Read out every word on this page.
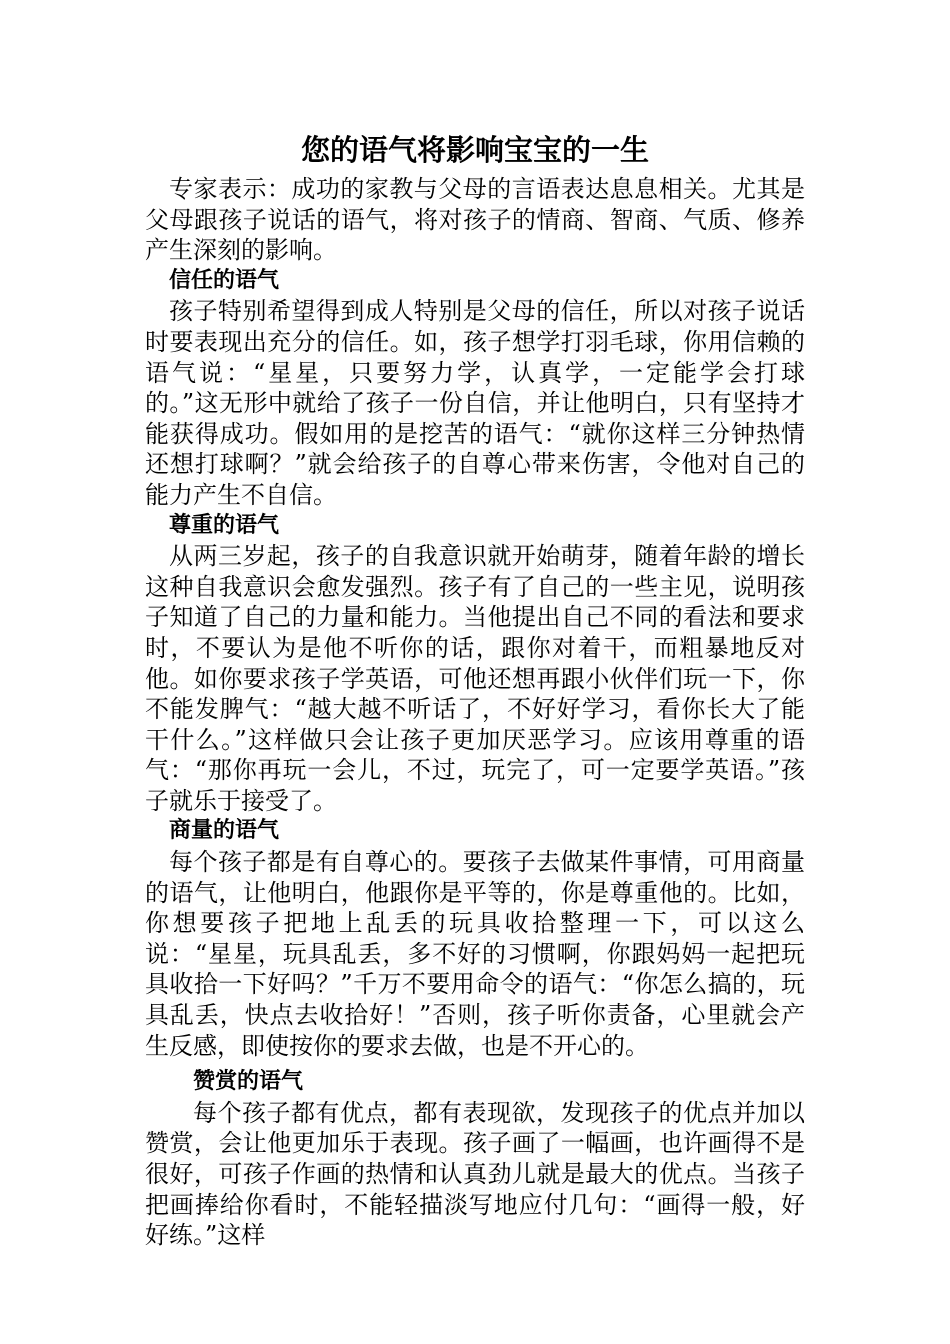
您的语气将影响宝宝的一生

专家表示：成功的家教与父母的言语表达息息相关。尤其是父母跟孩子说话的语气，将对孩子的情商、智商、气质、修养产生深刻的影响。

信任的语气

孩子特别希望得到成人特别是父母的信任，所以对孩子说话时要表现出充分的信任。如，孩子想学打羽毛球，你用信赖的语气说：“星星，只要努力学，认真学，一定能学会打球的。”这无形中就给了孩子一份自信，并让他明白，只有坚持才能获得成功。假如用的是挖苦的语气：“就你这样三分钟热情还想打球啊？”就会给孩子的自尊心带来伤害，令他对自己的能力产生不自信。

尊重的语气

从两三岁起，孩子的自我意识就开始萌芽，随着年龄的增长这种自我意识会愈发强烈。孩子有了自己的一些主见，说明孩子知道了自己的力量和能力。当他提出自己不同的看法和要求时，不要认为是他不听你的话，跟你对着干，而粗暴地反对他。如你要求孩子学英语，可他还想再跟小伙伴们玩一下，你不能发脾气：“越大越不听话了，不好好学习，看你长大了能干什么。”这样做只会让孩子更加厌恶学习。应该用尊重的语气：“那你再玩一会儿，不过，玩完了，可一定要学英语。”孩子就乐于接受了。

商量的语气

每个孩子都是有自尊心的。要孩子去做某件事情，可用商量的语气，让他明白，他跟你是平等的，你是尊重他的。比如，你想要孩子把地上乱丢的玩具收拾整理一下，可以这么说：“星星，玩具乱丢，多不好的习惯啊，你跟妈妈一起把玩具收拾一下好吗？”千万不要用命令的语气：“你怎么搞的，玩具乱丢，快点去收拾好！”否则，孩子听你责备，心里就会产生反感，即使按你的要求去做，也是不开心的。

赞赏的语气

每个孩子都有优点，都有表现欲，发现孩子的优点并加以赞赏，会让他更加乐于表现。孩子画了一幅画，也许画得不是很好，可孩子作画的热情和认真劲儿就是最大的优点。当孩子把画捧给你看时，不能轻描淡写地应付几句：“画得一般，好好练。”这样
